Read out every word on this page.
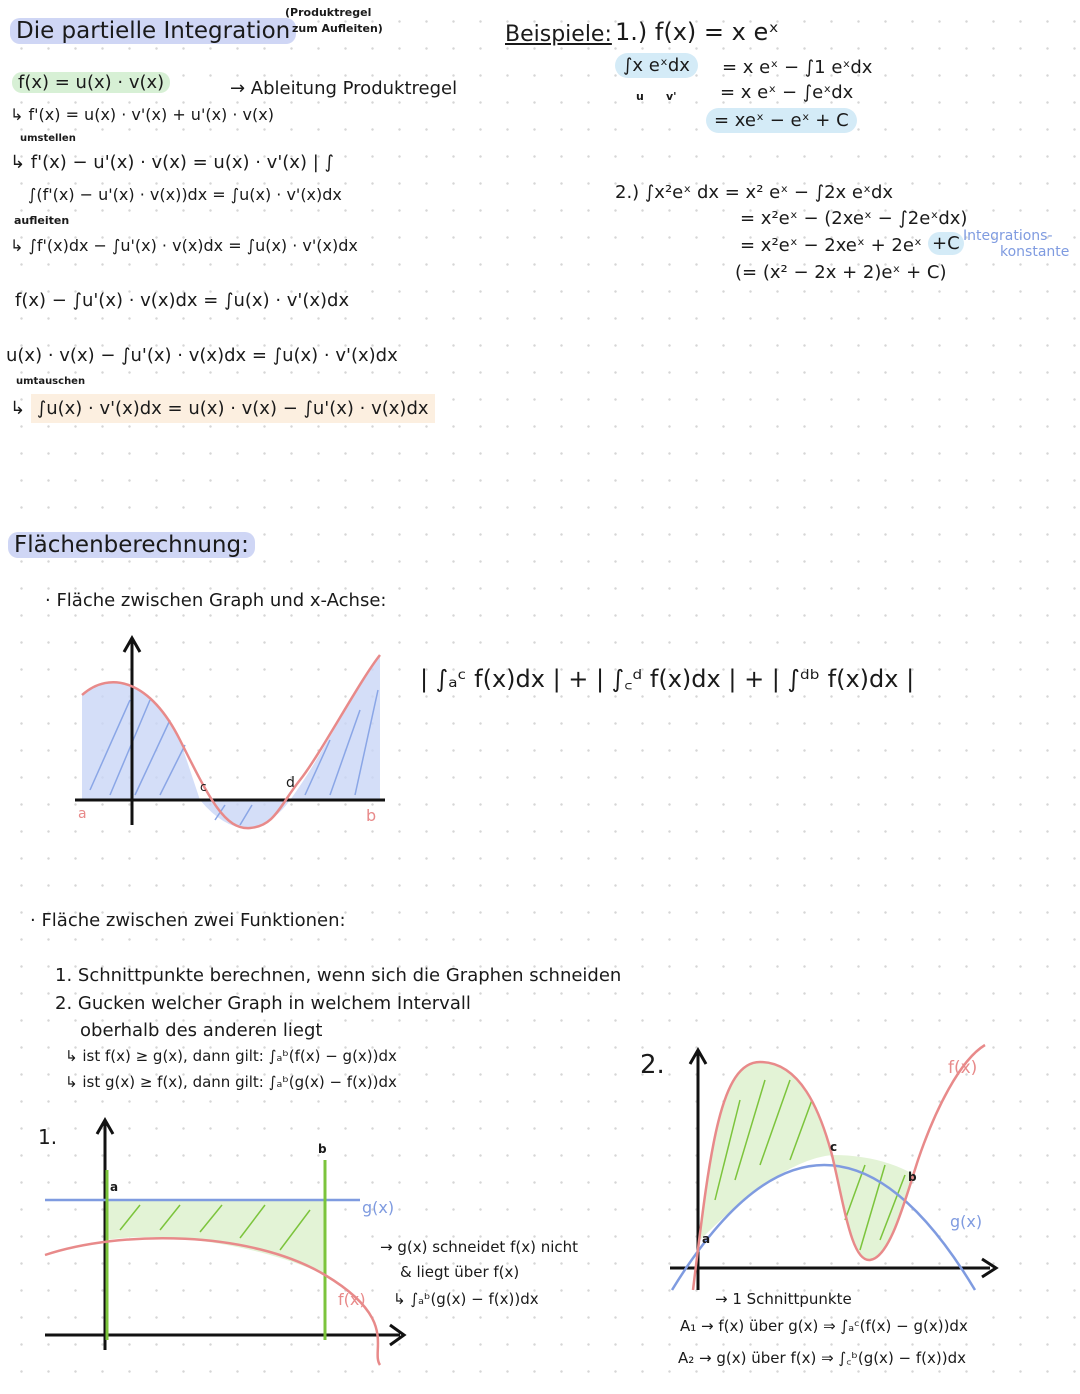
Die partielle Integration
(Produktregel
zum Aufleiten)
f(x) = u(x) · v(x)	→ Ableitung Produktregel
↳ f'(x) = u(x) · v'(x) + u'(x) · v(x)
umstellen
↳ f'(x) − u'(x) · v(x) = u(x) · v'(x) | ∫
∫(f'(x) − u'(x) · v(x))dx = ∫u(x) · v'(x)dx
aufleiten
↳ ∫f'(x)dx − ∫u'(x) · v(x)dx = ∫u(x) · v'(x)dx
f(x) − ∫u'(x) · v(x)dx = ∫u(x) · v'(x)dx
u(x) · v(x) − ∫u'(x) · v(x)dx = ∫u(x) · v'(x)dx
umtauschen
↳ ∫u(x) · v'(x)dx = u(x) · v(x) − ∫u'(x) · v(x)dx
Beispiele: 1.) f(x) = x eˣ
∫x eˣdx	= x eˣ − ∫1 eˣdx
u v' = x eˣ − ∫eˣdx
= xeˣ − eˣ + C
2.) ∫x²eˣ dx = x² eˣ − ∫2x eˣdx
= x²eˣ − (2xeˣ − ∫2eˣdx)
= x²eˣ − 2xeˣ + 2eˣ +C
(= (x² − 2x + 2)eˣ + C)
Integrations-
konstante
Flächenberechnung:
· Fläche zwischen Graph und x-Achse:
| ∫ₐᶜ f(x)dx | + | ∫꜀ᵈ f(x)dx | + | ∫ᵈᵇ f(x)dx |
a	b
c	d
· Fläche zwischen zwei Funktionen:
1. Schnittpunkte berechnen, wenn sich die Graphen schneiden
2. Gucken welcher Graph in welchem Intervall
oberhalb des anderen liegt
↳ ist f(x) ≥ g(x), dann gilt: ∫ₐᵇ(f(x) − g(x))dx
↳ ist g(x) ≥ f(x), dann gilt: ∫ₐᵇ(g(x) − f(x))dx
1.
a
b
g(x)
f(x)
→ g(x) schneidet f(x) nicht
& liegt über f(x)
↳ ∫ₐᵇ(g(x) − f(x))dx
2.
a
c
b
f(x)
g(x)
→ 1 Schnittpunkte
A₁ → f(x) über g(x) ⇒ ∫ₐᶜ(f(x) − g(x))dx
A₂ → g(x) über f(x) ⇒ ∫꜀ᵇ(g(x) − f(x))dx
